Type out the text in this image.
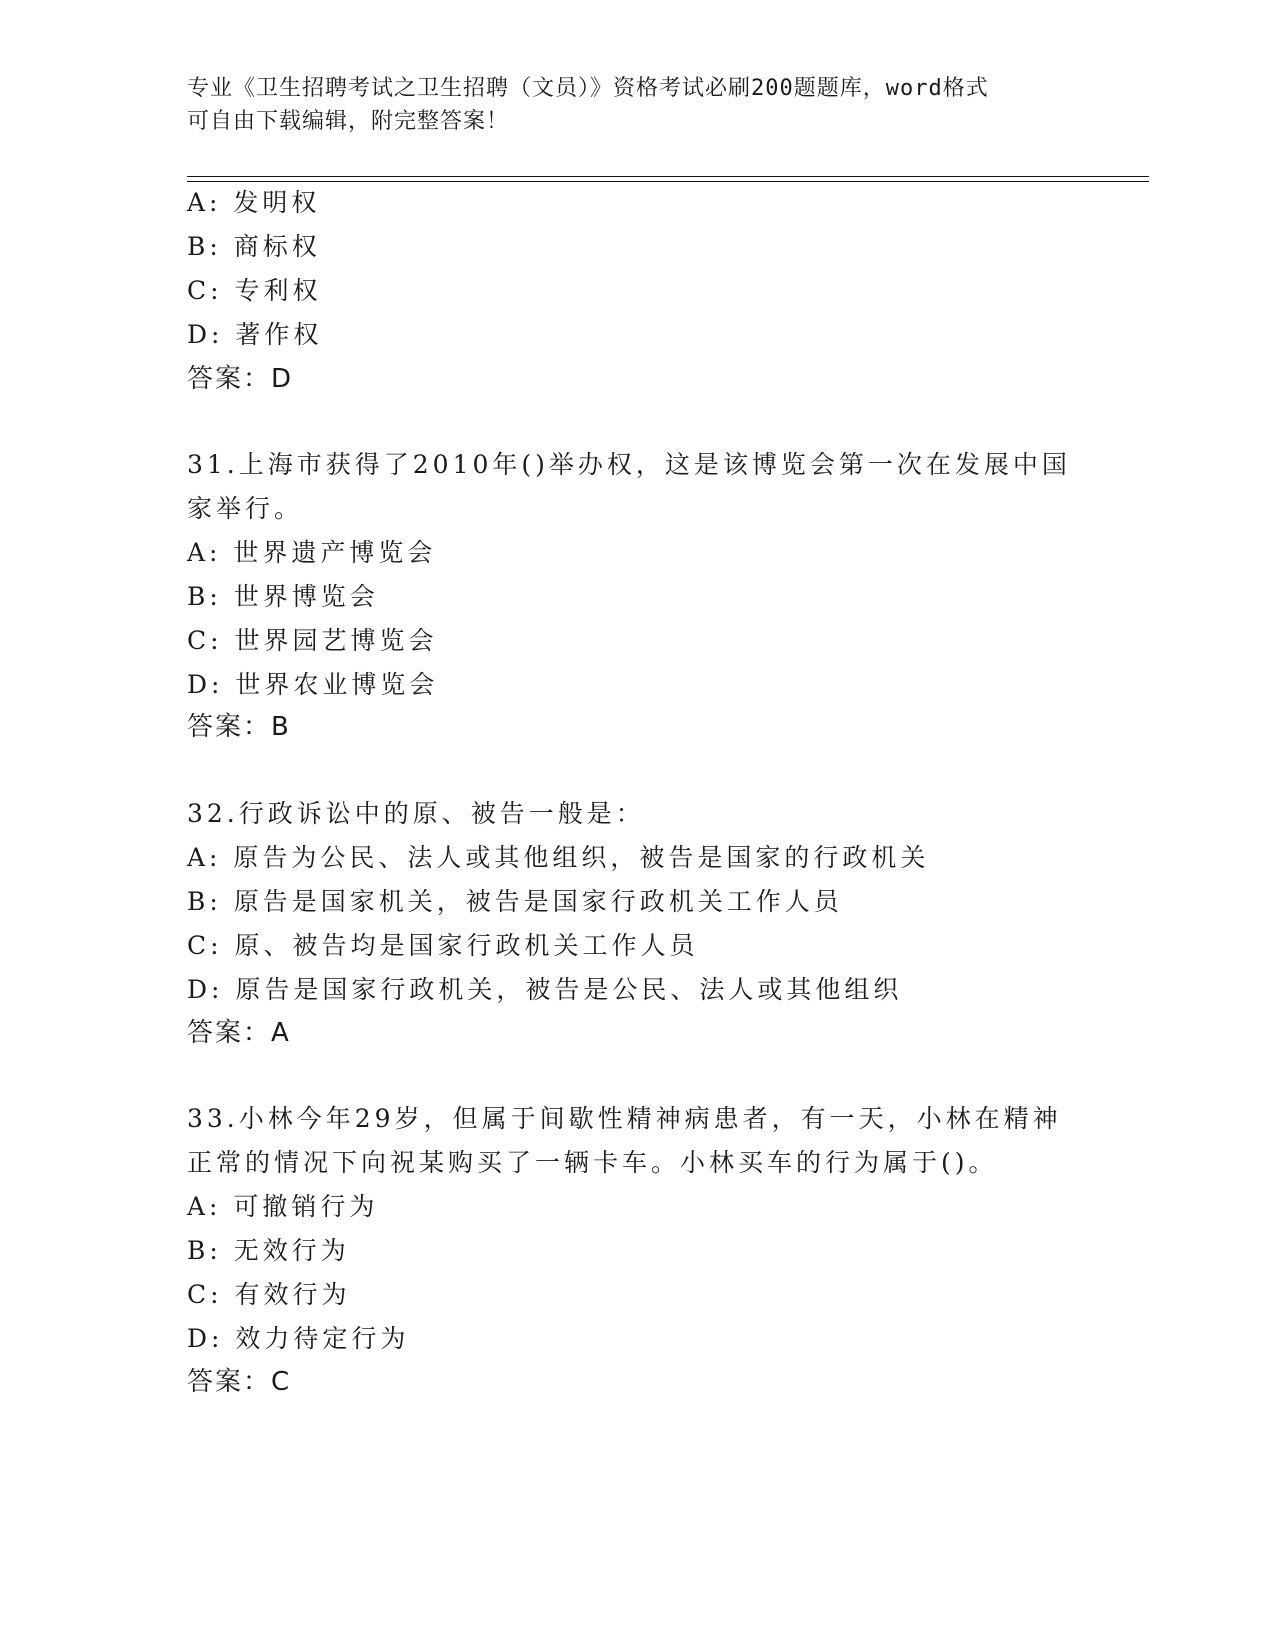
专业《卫生招聘考试之卫生招聘（文员）》资格考试必刷200题题库，word格式
可自由下载编辑，附完整答案！
A: 发明权
B: 商标权
C: 专利权
D: 著作权
答案：D
31.上海市获得了2010年()举办权，这是该博览会第一次在发展中国
家举行。
A: 世界遗产博览会
B: 世界博览会
C: 世界园艺博览会
D: 世界农业博览会
答案：B
32.行政诉讼中的原、被告一般是：
A: 原告为公民、法人或其他组织，被告是国家的行政机关
B: 原告是国家机关，被告是国家行政机关工作人员
C: 原、被告均是国家行政机关工作人员
D: 原告是国家行政机关，被告是公民、法人或其他组织
答案：A
33.小林今年29岁，但属于间歇性精神病患者，有一天，小林在精神
正常的情况下向祝某购买了一辆卡车。小林买车的行为属于()。
A: 可撤销行为
B: 无效行为
C: 有效行为
D: 效力待定行为
答案：C
